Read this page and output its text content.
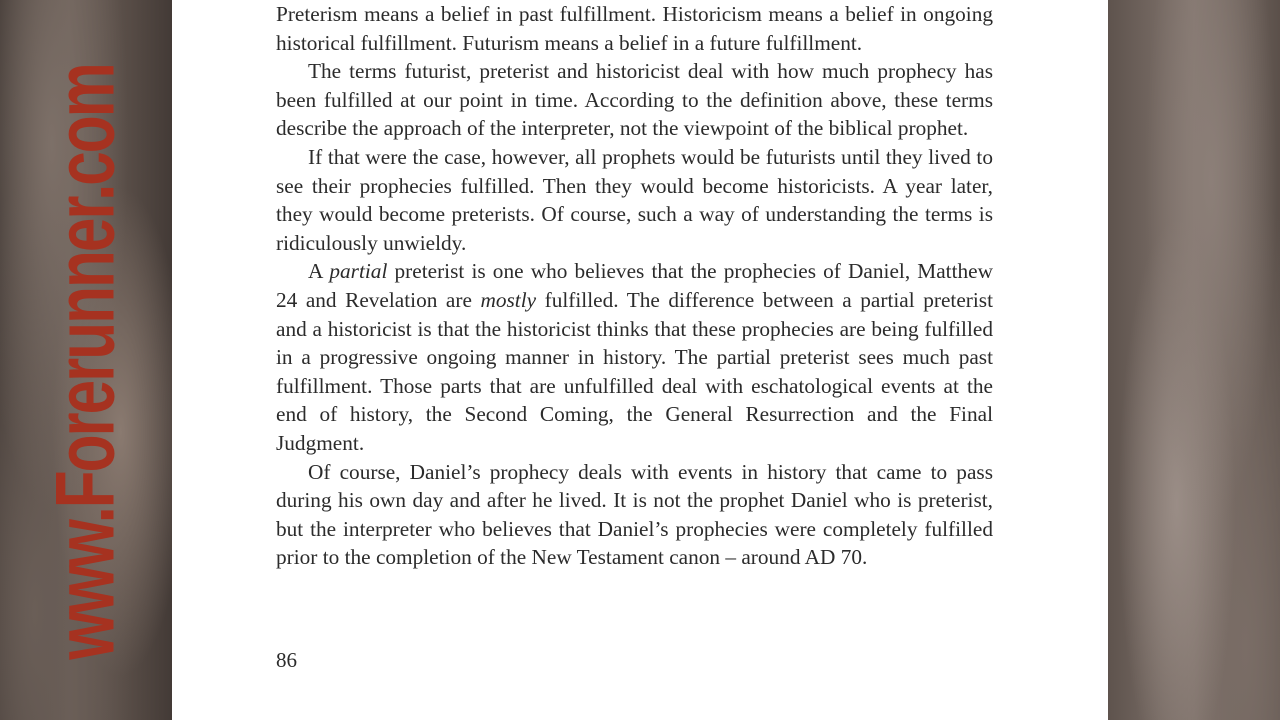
www.Forerunner.com

Preterism means a belief in past fulfillment. Historicism means a belief in ongoing historical fulfillment. Futurism means a belief in a future fulfillment.

The terms futurist, preterist and historicist deal with how much prophecy has been fulfilled at our point in time. According to the definition above, these terms describe the approach of the interpreter, not the viewpoint of the biblical prophet.

If that were the case, however, all prophets would be futurists until they lived to see their prophecies fulfilled. Then they would become historicists. A year later, they would become preterists. Of course, such a way of understanding the terms is ridiculously unwieldy.

A partial preterist is one who believes that the prophecies of Daniel, Matthew 24 and Revelation are mostly fulfilled. The difference between a partial preterist and a historicist is that the historicist thinks that these prophecies are being fulfilled in a progressive ongoing manner in history. The partial preterist sees much past fulfillment. Those parts that are unfulfilled deal with eschatological events at the end of history, the Second Coming, the General Resurrection and the Final Judgment.

Of course, Daniel’s prophecy deals with events in history that came to pass during his own day and after he lived. It is not the prophet Daniel who is preterist, but the interpreter who believes that Daniel’s prophecies were completely fulfilled prior to the completion of the New Testament canon – around AD 70.

86
